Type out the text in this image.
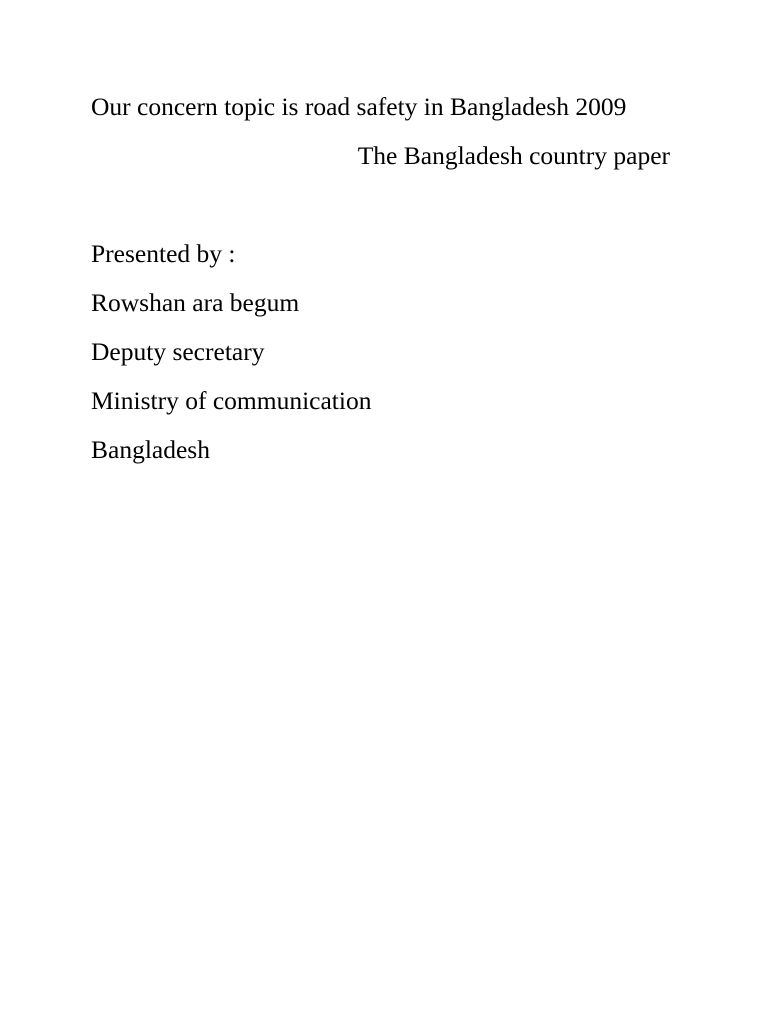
Our concern topic is road safety in Bangladesh 2009
The Bangladesh country paper
Presented by :
Rowshan ara begum
Deputy secretary
Ministry of communication
Bangladesh
